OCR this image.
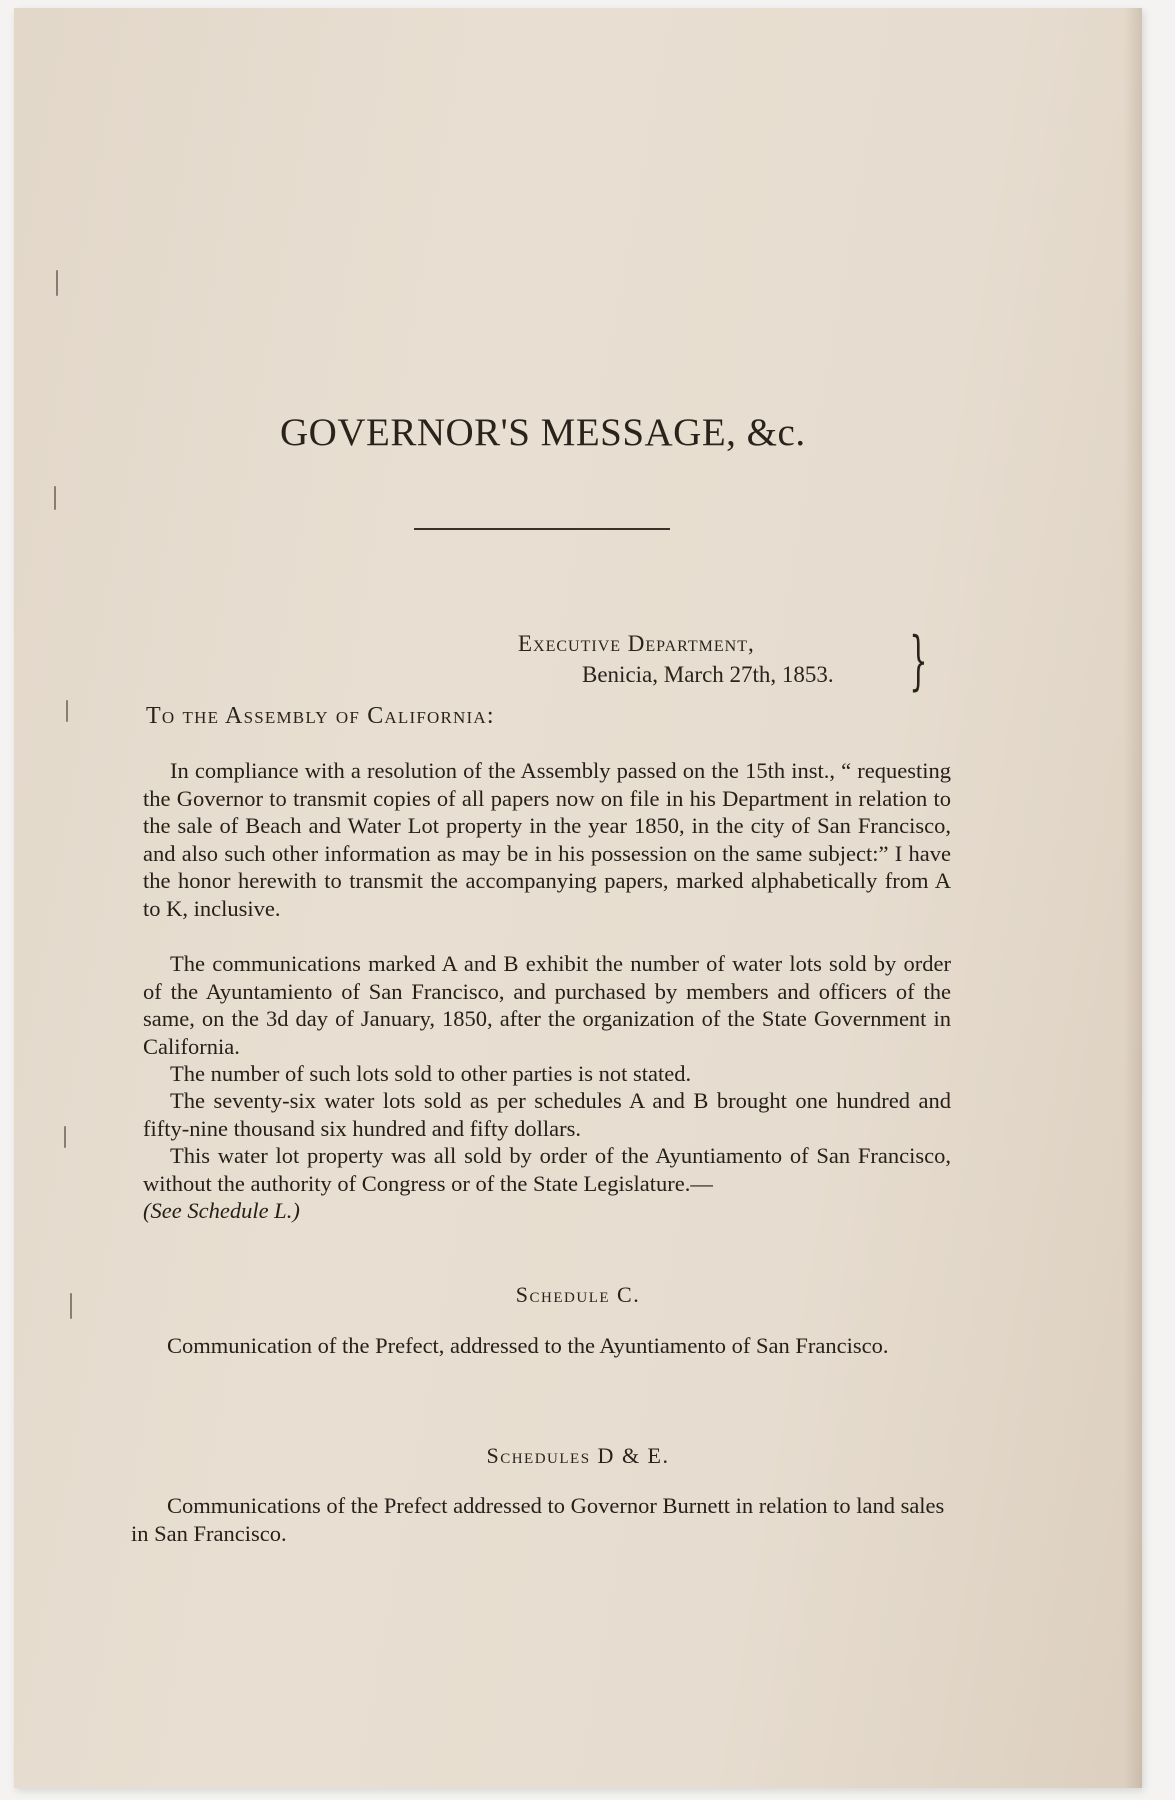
GOVERNOR'S MESSAGE, &c.
Executive Department,
Benicia, March 27th, 1853.	}
To the Assembly of California:

In compliance with a resolution of the Assembly passed on the 15th inst., “ requesting the Governor to transmit copies of all papers now on file in his Department in relation to the sale of Beach and Water Lot property in the year 1850, in the city of San Francisco, and also such other information as may be in his possession on the same subject:” I have the honor herewith to transmit the accompanying papers, marked alphabetically from A to K, inclusive.

The communications marked A and B exhibit the number of water lots sold by order of the Ayuntamiento of San Francisco, and purchased by members and officers of the same, on the 3d day of January, 1850, after the organization of the State Government in California.

The number of such lots sold to other parties is not stated.

The seventy-six water lots sold as per schedules A and B brought one hundred and fifty-nine thousand six hundred and fifty dollars.

This water lot property was all sold by order of the Ayuntiamento of San Francisco, without the authority of Congress or of the State Legislature.—

(See Schedule L.)

Schedule C.
Communication of the Prefect, addressed to the Ayuntiamento of San Francisco.
Schedules D & E.
Communications of the Prefect addressed to Governor Burnett in relation to land sales in San Francisco.
